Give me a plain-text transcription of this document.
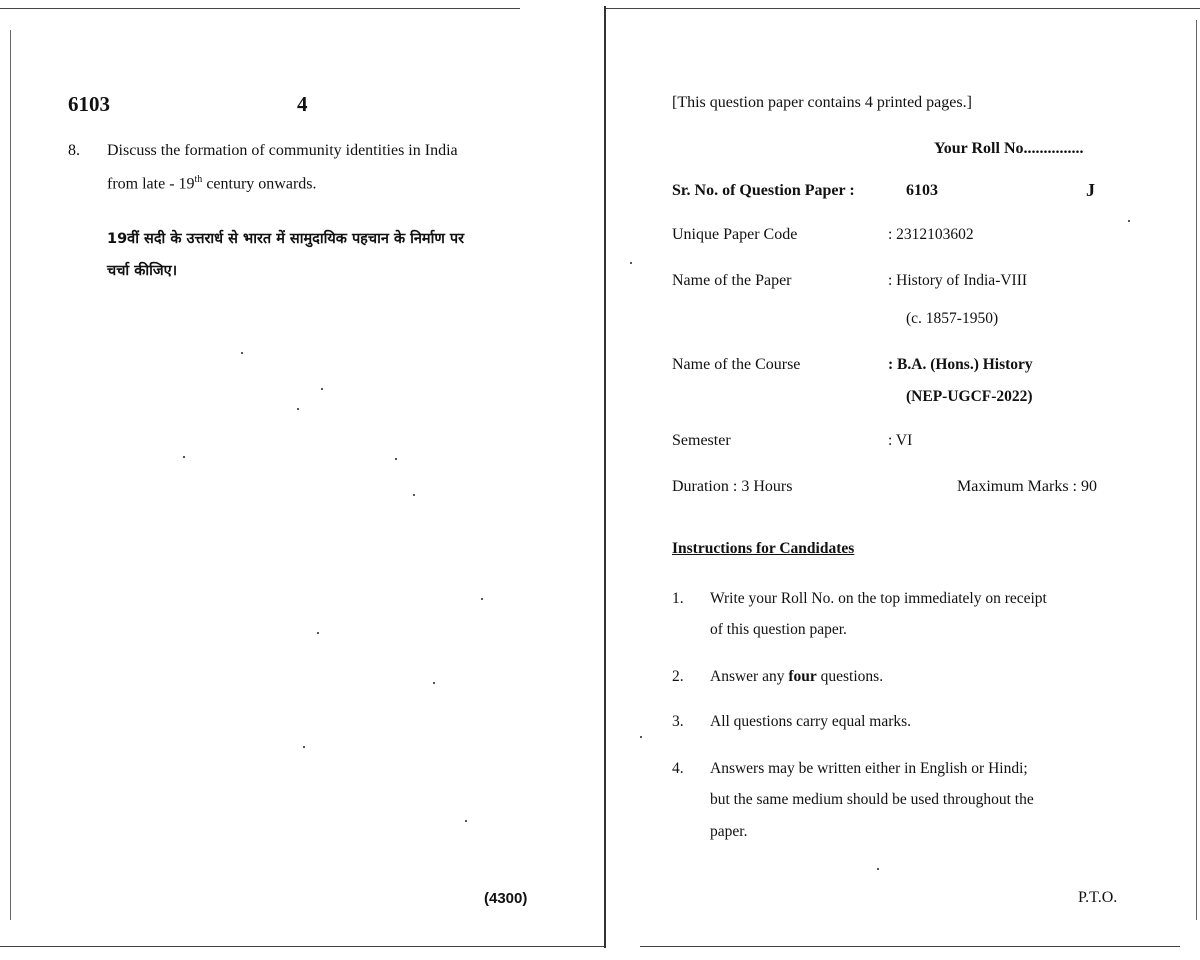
6103	4
8. Discuss the formation of community identities in India
from late - 19th century onwards.
19वीं सदी के उत्तरार्ध से भारत में सामुदायिक पहचान के निर्माण पर
चर्चा कीजिए।
(4300)
[This question paper contains 4 printed pages.]
Your Roll No...............
Sr. No. of Question Paper :	6103	J
Unique Paper Code	: 2312103602
Name of the Paper	: History of India-VIII
(c. 1857-1950)
Name of the Course	: B.A. (Hons.) History
(NEP-UGCF-2022)
Semester	: VI
Duration : 3 Hours	Maximum Marks : 90
Instructions for Candidates
1. Write your Roll No. on the top immediately on receipt
of this question paper.
2. Answer any four questions.
3. All questions carry equal marks.
4. Answers may be written either in English or Hindi;
but the same medium should be used throughout the
paper.
P.T.O.
